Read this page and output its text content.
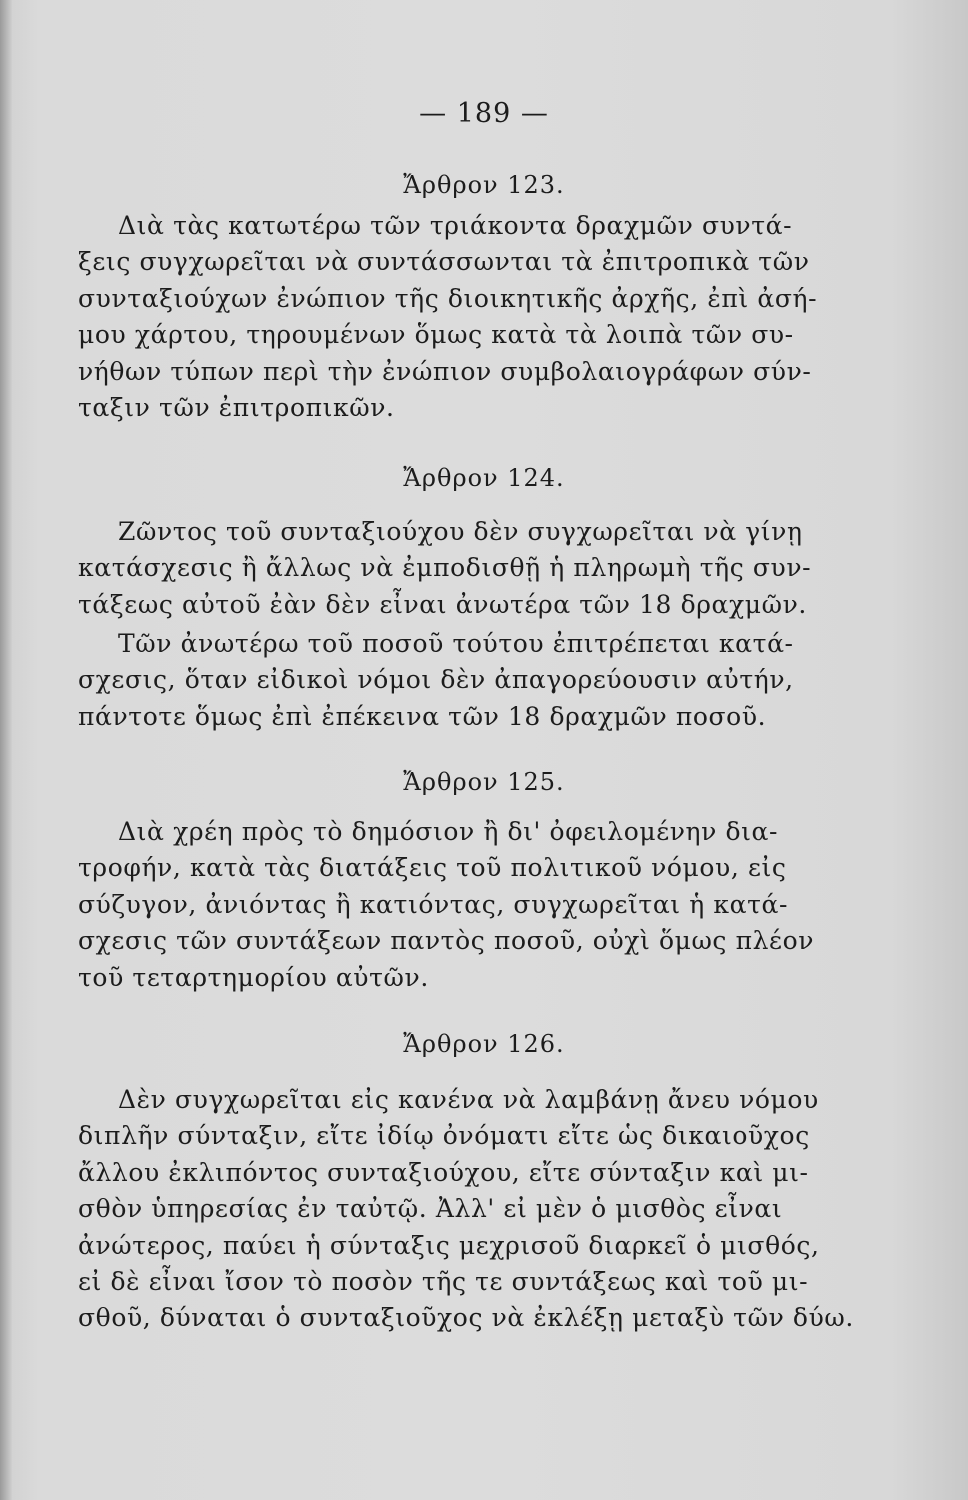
— 189 —
Ἄρθρον 123.
Διὰ τὰς κατωτέρω τῶν τριάκοντα δραχμῶν συντά-
ξεις συγχωρεῖται νὰ συντάσσωνται τὰ ἐπιτροπικὰ τῶν
συνταξιούχων ἐνώπιον τῆς διοικητικῆς ἀρχῆς, ἐπὶ ἀσή-
μου χάρτου, τηρουμένων ὅμως κατὰ τὰ λοιπὰ τῶν συ-
νήθων τύπων περὶ τὴν ἐνώπιον συμβολαιογράφων σύν-
ταξιν τῶν ἐπιτροπικῶν.
Ἄρθρον 124.
Ζῶντος τοῦ συνταξιούχου δὲν συγχωρεῖται νὰ γίνῃ
κατάσχεσις ἢ ἄλλως νὰ ἐμποδισθῇ ἡ πληρωμὴ τῆς συν-
τάξεως αὐτοῦ ἐὰν δὲν εἶναι ἀνωτέρα τῶν 18 δραχμῶν.
Τῶν ἀνωτέρω τοῦ ποσοῦ τούτου ἐπιτρέπεται κατά-
σχεσις, ὅταν εἰδικοὶ νόμοι δὲν ἀπαγορεύουσιν αὐτήν,
πάντοτε ὅμως ἐπὶ ἐπέκεινα τῶν 18 δραχμῶν ποσοῦ.
Ἄρθρον 125.
Διὰ χρέη πρὸς τὸ δημόσιον ἢ δι' ὀφειλομένην δια-
τροφήν, κατὰ τὰς διατάξεις τοῦ πολιτικοῦ νόμου, εἰς
σύζυγον, ἀνιόντας ἢ κατιόντας, συγχωρεῖται ἡ κατά-
σχεσις τῶν συντάξεων παντὸς ποσοῦ, οὐχὶ ὅμως πλέον
τοῦ τεταρτημορίου αὐτῶν.
Ἄρθρον 126.
Δὲν συγχωρεῖται εἰς κανένα νὰ λαμβάνῃ ἄνευ νόμου
διπλῆν σύνταξιν, εἴτε ἰδίῳ ὀνόματι εἴτε ὡς δικαιοῦχος
ἄλλου ἐκλιπόντος συνταξιούχου, εἴτε σύνταξιν καὶ μι-
σθὸν ὑπηρεσίας ἐν ταὐτῷ. Ἀλλ' εἰ μὲν ὁ μισθὸς εἶναι
ἀνώτερος, παύει ἡ σύνταξις μεχρισοῦ διαρκεῖ ὁ μισθός,
εἰ δὲ εἶναι ἴσον τὸ ποσὸν τῆς τε συντάξεως καὶ τοῦ μι-
σθοῦ, δύναται ὁ συνταξιοῦχος νὰ ἐκλέξῃ μεταξὺ τῶν δύω.
